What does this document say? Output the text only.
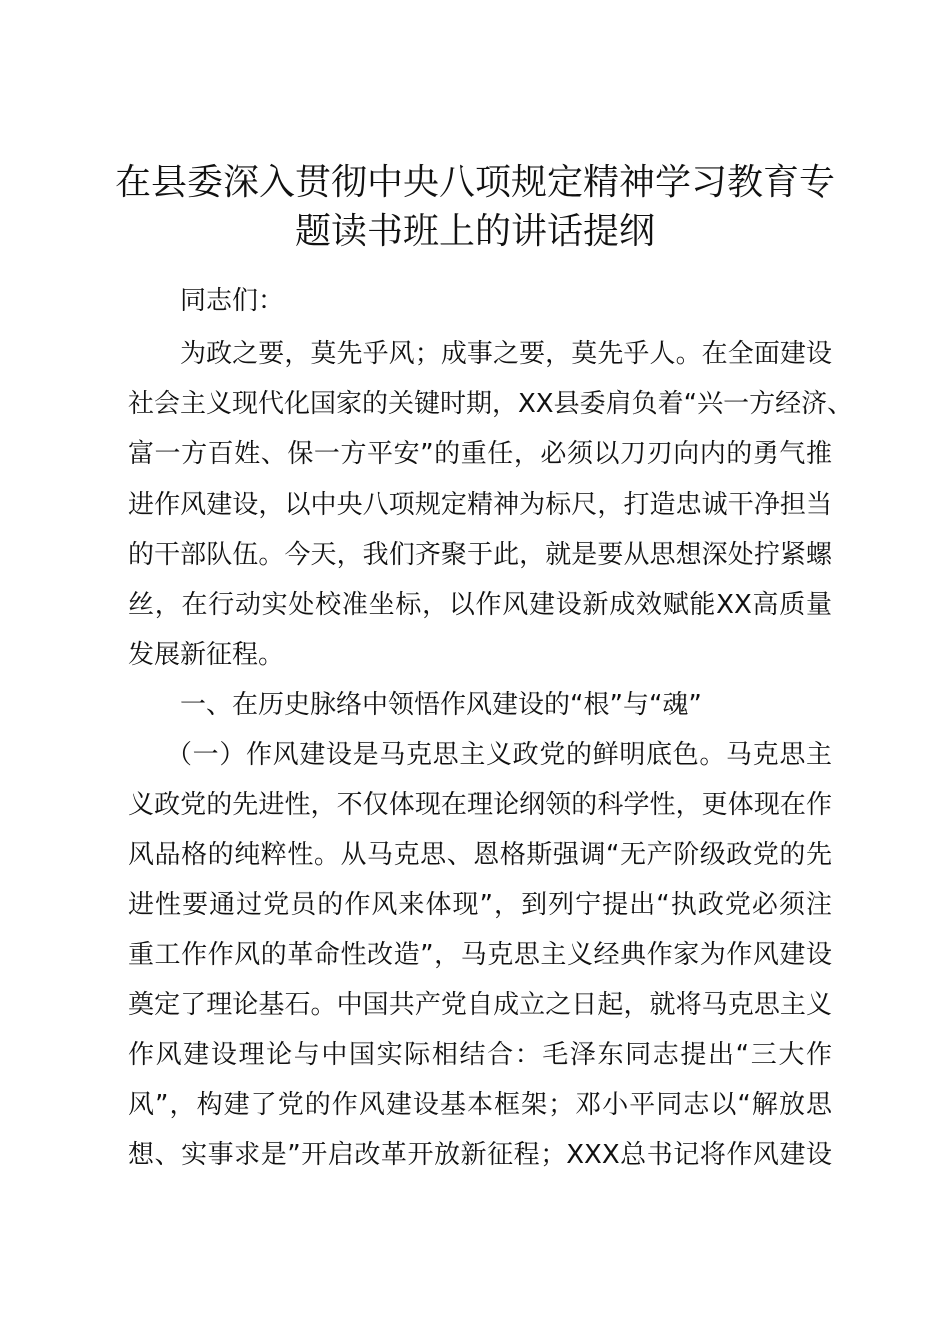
在县委深入贯彻中央八项规定精神学习教育专
题读书班上的讲话提纲
同志们：
为政之要，莫先乎风；成事之要，莫先乎人。在全面建设
社会主义现代化国家的关键时期，XX县委肩负着“兴一方经济、
富一方百姓、保一方平安”的重任，必须以刀刃向内的勇气推
进作风建设，以中央八项规定精神为标尺，打造忠诚干净担当
的干部队伍。今天，我们齐聚于此，就是要从思想深处拧紧螺
丝，在行动实处校准坐标，以作风建设新成效赋能XX高质量
发展新征程。
一、在历史脉络中领悟作风建设的“根”与“魂”
（一）作风建设是马克思主义政党的鲜明底色。马克思主
义政党的先进性，不仅体现在理论纲领的科学性，更体现在作
风品格的纯粹性。从马克思、恩格斯强调“无产阶级政党的先
进性要通过党员的作风来体现”，到列宁提出“执政党必须注
重工作作风的革命性改造”，马克思主义经典作家为作风建设
奠定了理论基石。中国共产党自成立之日起，就将马克思主义
作风建设理论与中国实际相结合：毛泽东同志提出“三大作
风”，构建了党的作风建设基本框架；邓小平同志以“解放思
想、实事求是”开启改革开放新征程；XXX总书记将作风建设
